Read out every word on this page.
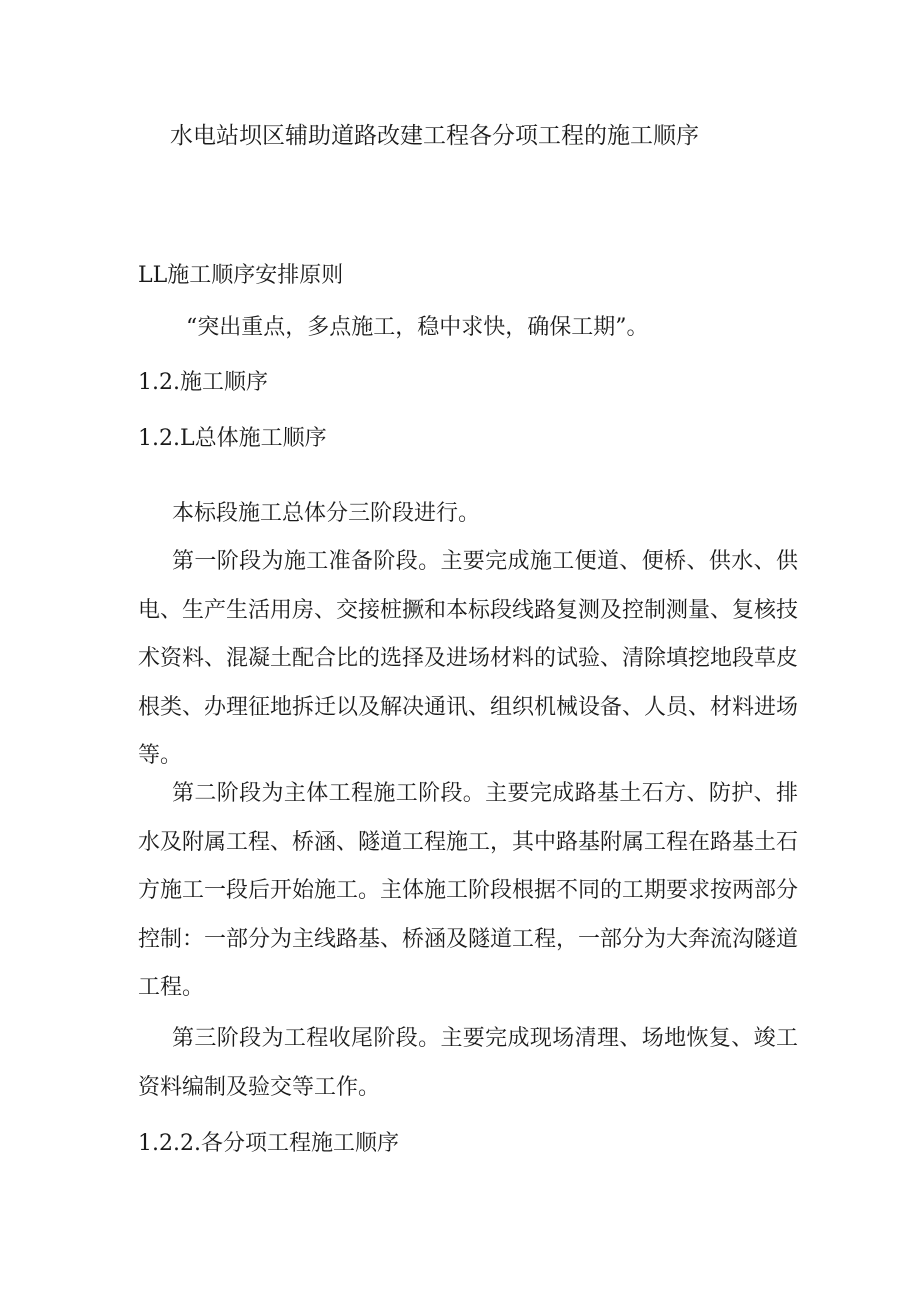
水电站坝区辅助道路改建工程各分项工程的施工顺序
LL施工顺序安排原则
“突出重点，多点施工，稳中求快，确保工期”。
1.2.施工顺序
1.2.L总体施工顺序

本标段施工总体分三阶段进行。

第一阶段为施工准备阶段。主要完成施工便道、便桥、供水、供电、生产生活用房、交接桩撅和本标段线路复测及控制测量、复核技术资料、混凝土配合比的选择及进场材料的试验、清除填挖地段草皮根类、办理征地拆迁以及解决通讯、组织机械设备、人员、材料进场等。

第二阶段为主体工程施工阶段。主要完成路基土石方、防护、排水及附属工程、桥涵、隧道工程施工，其中路基附属工程在路基土石方施工一段后开始施工。主体施工阶段根据不同的工期要求按两部分控制：一部分为主线路基、桥涵及隧道工程，一部分为大奔流沟隧道工程。

第三阶段为工程收尾阶段。主要完成现场清理、场地恢复、竣工资料编制及验交等工作。

1.2.2.各分项工程施工顺序
